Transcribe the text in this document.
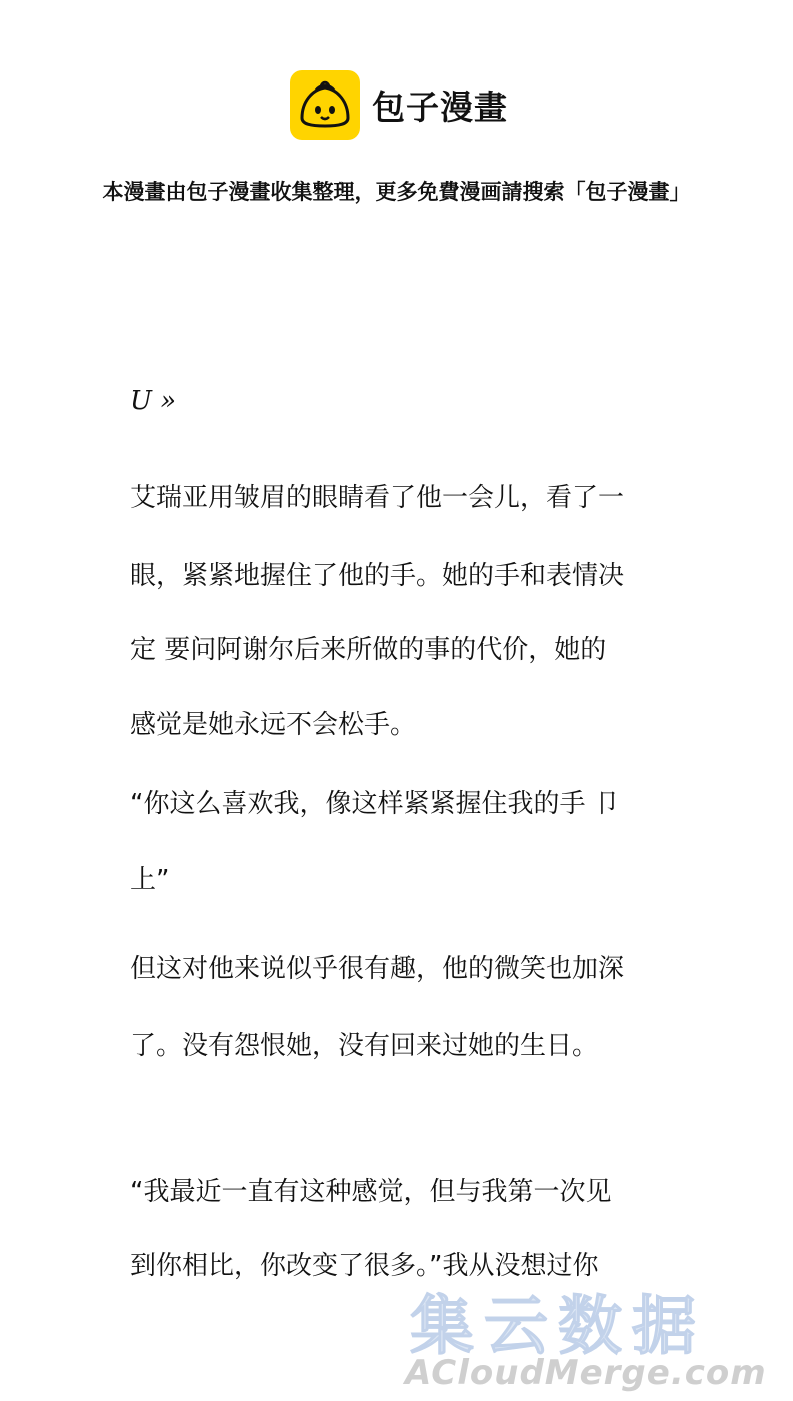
包子漫畫
本漫畫由包子漫畫收集整理，更多免費漫画請搜索「包子漫畫」
U »
艾瑞亚用皱眉的眼睛看了他一会儿，看了一
眼，紧紧地握住了他的手。她的手和表情决
定 要问阿谢尔后来所做的事的代价，她的
感觉是她永远不会松手。
“你这么喜欢我，像这样紧紧握住我的手 卩
上”
但这对他来说似乎很有趣，他的微笑也加深
了。没有怨恨她，没有回来过她的生日。
“我最近一直有这种感觉，但与我第一次见
到你相比，你改变了很多。”我从没想过你
集云数据
ACloudMerge.com
